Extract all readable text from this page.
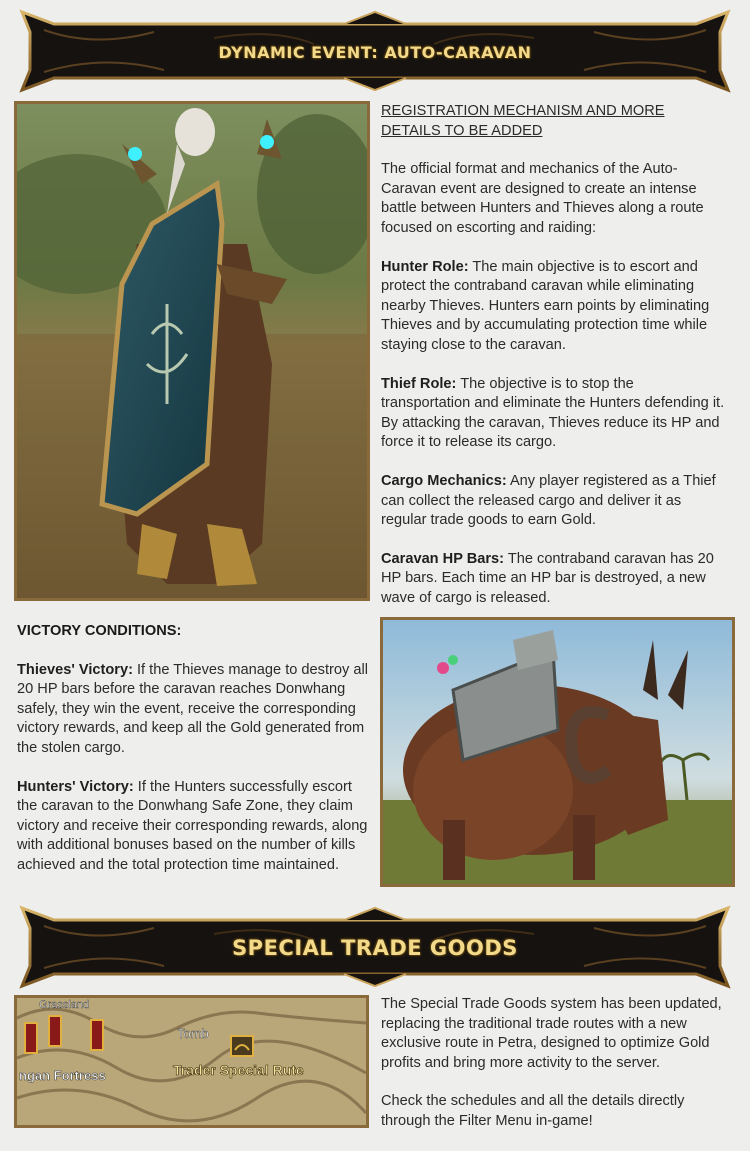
DYNAMIC EVENT: AUTO-CARAVAN

REGISTRATION MECHANISM AND MORE DETAILS TO BE ADDED

The official format and mechanics of the Auto-Caravan event are designed to create an intense battle between Hunters and Thieves along a route focused on escorting and raiding:

Hunter Role: The main objective is to escort and protect the contraband caravan while eliminating nearby Thieves. Hunters earn points by eliminating Thieves and by accumulating protection time while staying close to the caravan.

Thief Role: The objective is to stop the transportation and eliminate the Hunters defending it. By attacking the caravan, Thieves reduce its HP and force it to release its cargo.

Cargo Mechanics: Any player registered as a Thief can collect the released cargo and deliver it as regular trade goods to earn Gold.

Caravan HP Bars: The contraband caravan has 20 HP bars. Each time an HP bar is destroyed, a new wave of cargo is released.

VICTORY CONDITIONS:

Thieves' Victory: If the Thieves manage to destroy all 20 HP bars before the caravan reaches Donwhang safely, they win the event, receive the corresponding victory rewards, and keep all the Gold generated from the stolen cargo.

Hunters' Victory: If the Hunters successfully escort the caravan to the Donwhang Safe Zone, they claim victory and receive their corresponding rewards, along with additional bonuses based on the number of kills achieved and the total protection time maintained.

SPECIAL TRADE GOODS
Grassland
Tomb
ngan Fortress	Trader Special Rute

The Special Trade Goods system has been updated, replacing the traditional trade routes with a new exclusive route in Petra, designed to optimize Gold profits and bring more activity to the server.

Check the schedules and all the details directly through the Filter Menu in-game!
